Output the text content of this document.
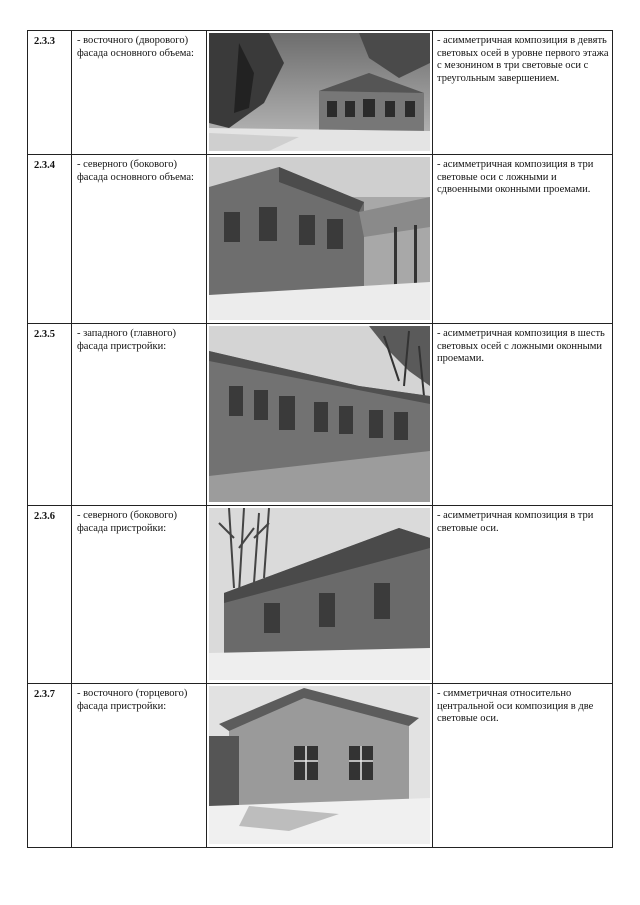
2.3.3	- восточного (дворового) фасада основного объема:		- асимметричная композиция в девять световых осей в уровне первого этажа с мезонином в три световые оси с треугольным завершением.
2.3.4	- северного (бокового) фасада основного объема:		- асимметричная композиция в три световые оси с ложными и сдвоенными оконными проемами.
2.3.5	- западного (главного) фасада пристройки:		- асимметричная композиция в шесть световых осей с ложными оконными проемами.
2.3.6	- северного (бокового) фасада пристройки:		- асимметричная композиция в три световые оси.
2.3.7	- восточного (торцевого) фасада пристройки:		- симметричная относительно центральной оси композиция в две световые оси.
